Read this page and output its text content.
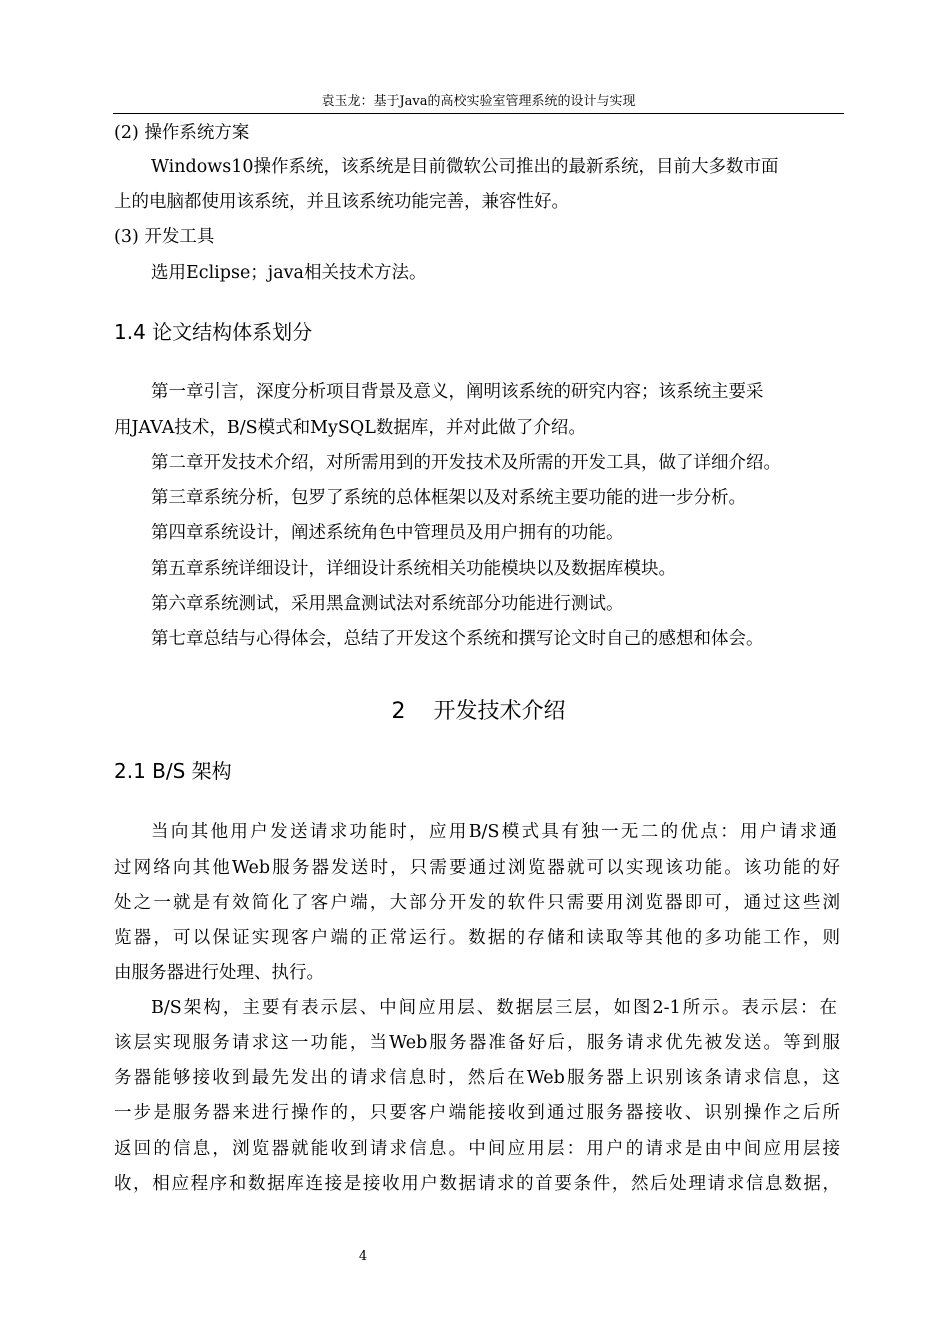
袁玉龙：基于Java的高校实验室管理系统的设计与实现
(2) 操作系统方案
Windows10操作系统，该系统是目前微软公司推出的最新系统，目前大多数市面
上的电脑都使用该系统，并且该系统功能完善，兼容性好。
(3) 开发工具
选用Eclipse；java相关技术方法。
1.4 论文结构体系划分
第一章引言，深度分析项目背景及意义，阐明该系统的研究内容；该系统主要采
用JAVA技术，B/S模式和MySQL数据库，并对此做了介绍。
第二章开发技术介绍，对所需用到的开发技术及所需的开发工具，做了详细介绍。
第三章系统分析，包罗了系统的总体框架以及对系统主要功能的进一步分析。
第四章系统设计，阐述系统角色中管理员及用户拥有的功能。
第五章系统详细设计，详细设计系统相关功能模块以及数据库模块。
第六章系统测试，采用黑盒测试法对系统部分功能进行测试。
第七章总结与心得体会，总结了开发这个系统和撰写论文时自己的感想和体会。
2    开发技术介绍
2.1 B/S 架构
当向其他用户发送请求功能时，应用B/S模式具有独一无二的优点：用户请求通
过网络向其他Web服务器发送时，只需要通过浏览器就可以实现该功能。该功能的好
处之一就是有效简化了客户端，大部分开发的软件只需要用浏览器即可，通过这些浏
览器，可以保证实现客户端的正常运行。数据的存储和读取等其他的多功能工作，则
由服务器进行处理、执行。
B/S架构，主要有表示层、中间应用层、数据层三层，如图2-1所示。表示层：在
该层实现服务请求这一功能，当Web服务器准备好后，服务请求优先被发送。等到服
务器能够接收到最先发出的请求信息时，然后在Web服务器上识别该条请求信息，这
一步是服务器来进行操作的，只要客户端能接收到通过服务器接收、识别操作之后所
返回的信息，浏览器就能收到请求信息。中间应用层：用户的请求是由中间应用层接
收，相应程序和数据库连接是接收用户数据请求的首要条件，然后处理请求信息数据，
4
